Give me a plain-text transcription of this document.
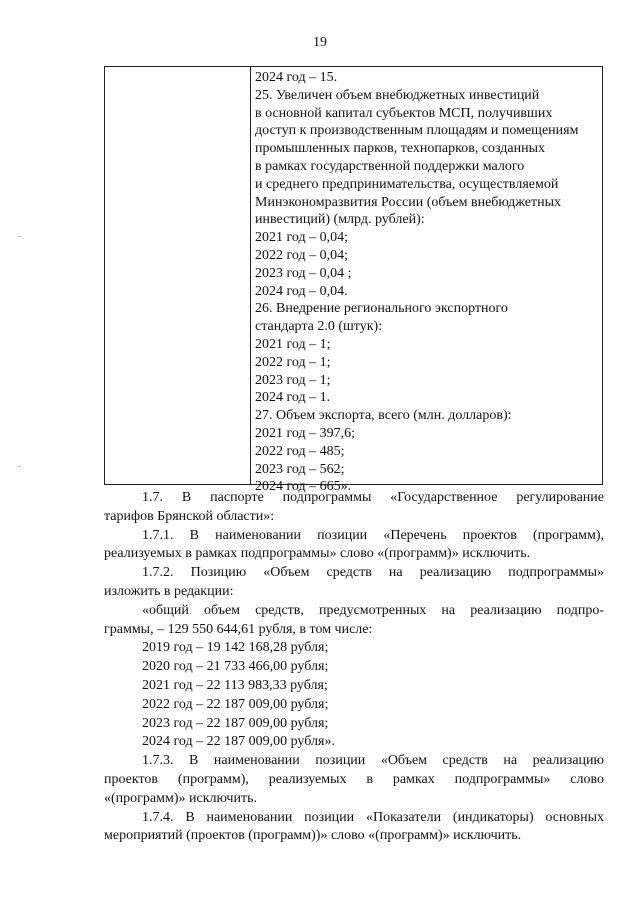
19
2024 год – 15.
25. Увеличен объем внебюджетных инвестиций
в основной капитал субъектов МСП, получивших
доступ к производственным площадям и помещениям
промышленных парков, технопарков, созданных
в рамках государственной поддержки малого
и среднего предпринимательства, осуществляемой
Минэкономразвития России (объем внебюджетных
инвестиций) (млрд. рублей):
2021 год – 0,04;
2022 год – 0,04;
2023 год – 0,04 ;
2024 год – 0,04.
26. Внедрение регионального экспортного
стандарта 2.0 (штук):
2021 год – 1;
2022 год – 1;
2023 год – 1;
2024 год – 1.
27. Объем экспорта, всего (млн. долларов):
2021 год – 397,6;
2022 год – 485;
2023 год – 562;
2024 год – 665».
1.7. В паспорте подпрограммы «Государственное регулирование
тарифов Брянской области»:
1.7.1. В наименовании позиции «Перечень проектов (программ),
реализуемых в рамках подпрограммы» слово «(программ)» исключить.
1.7.2. Позицию «Объем средств на реализацию подпрограммы»
изложить в редакции:
«общий объем средств, предусмотренных на реализацию подпро-
граммы, – 129 550 644,61 рубля, в том числе:
2019 год – 19 142 168,28 рубля;
2020 год – 21 733 466,00 рубля;
2021 год – 22 113 983,33 рубля;
2022 год – 22 187 009,00 рубля;
2023 год – 22 187 009,00 рубля;
2024 год – 22 187 009,00 рубля».
1.7.3. В наименовании позиции «Объем средств на реализацию
проектов (программ), реализуемых в рамках подпрограммы» слово
«(программ)» исключить.
1.7.4. В наименовании позиции «Показатели (индикаторы) основных
мероприятий (проектов (программ))» слово «(программ)» исключить.
